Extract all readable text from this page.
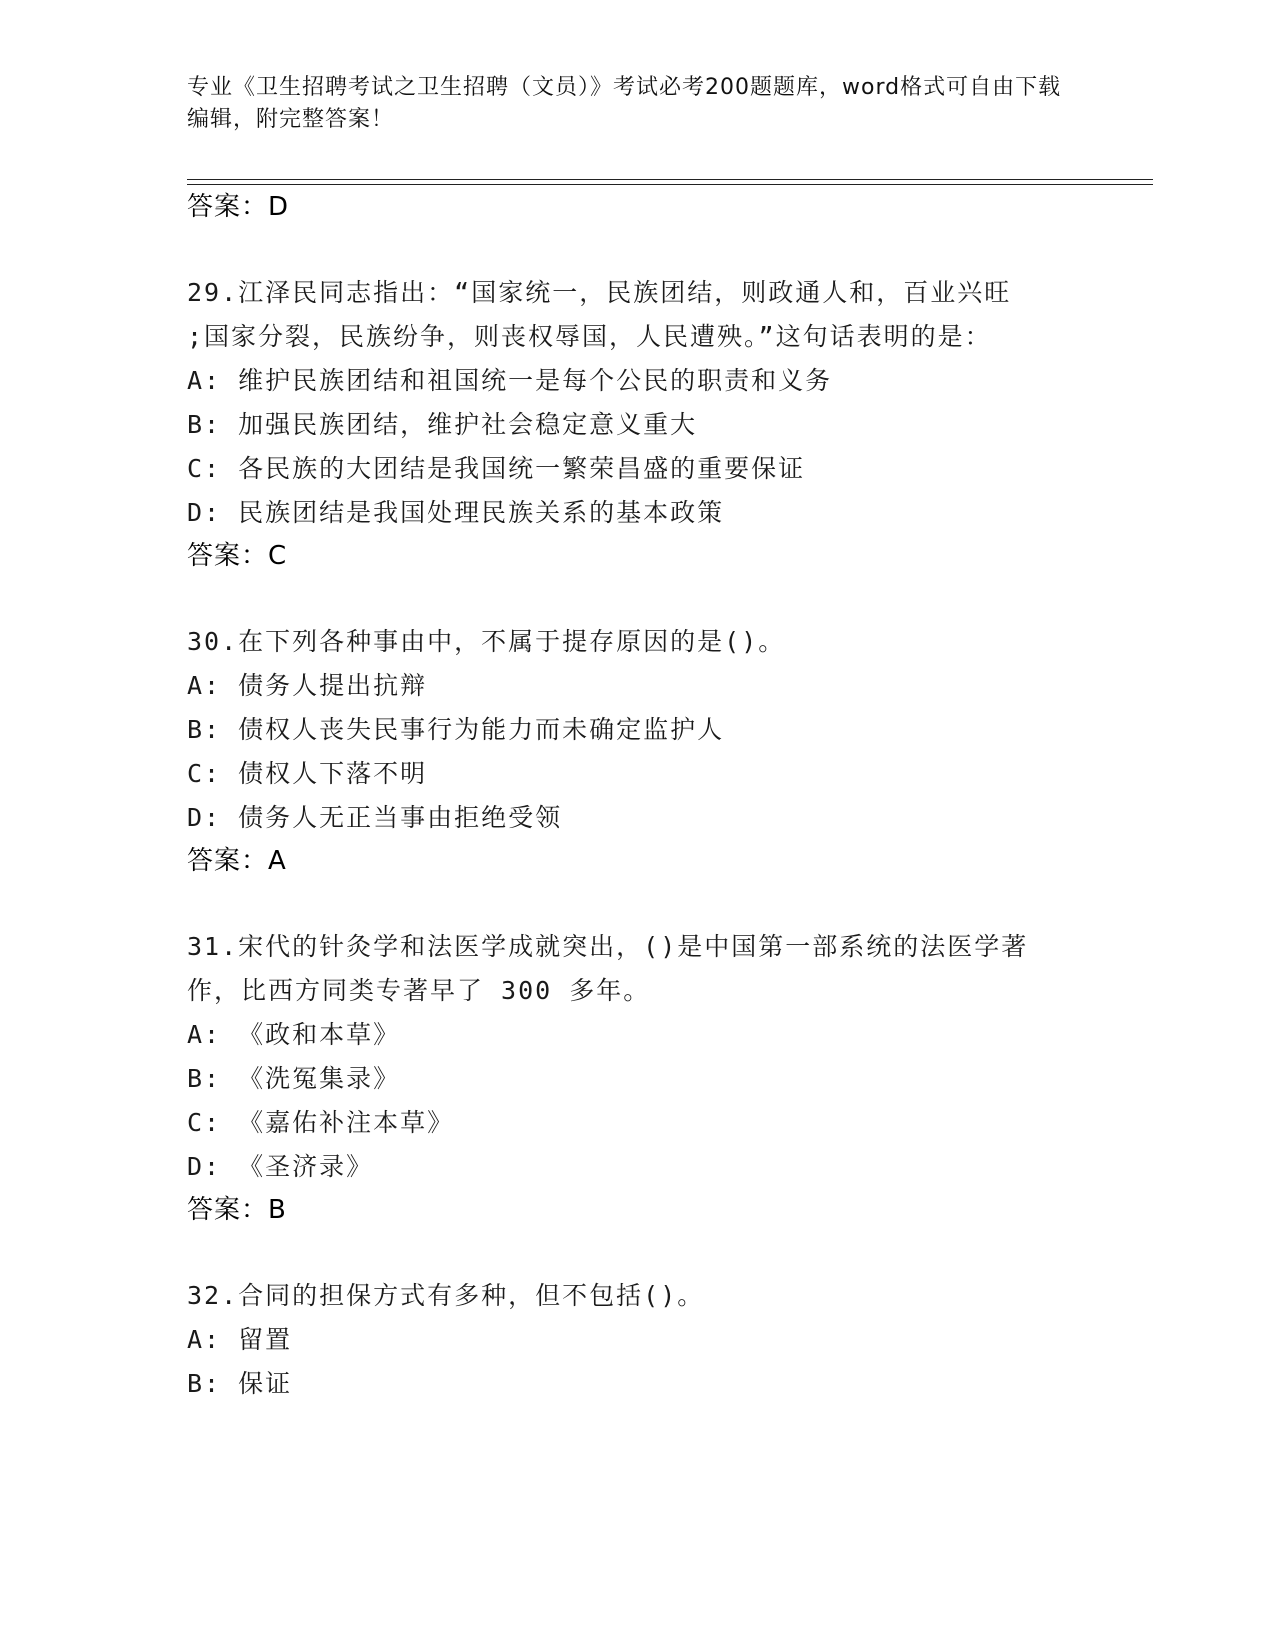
专业《卫生招聘考试之卫生招聘（文员）》考试必考200题题库，word格式可自由下载编辑，附完整答案！
答案：D
29.江泽民同志指出：“国家统一，民族团结，则政通人和，百业兴旺
;国家分裂，民族纷争，则丧权辱国，人民遭殃。”这句话表明的是：
A: 维护民族团结和祖国统一是每个公民的职责和义务
B: 加强民族团结，维护社会稳定意义重大
C: 各民族的大团结是我国统一繁荣昌盛的重要保证
D: 民族团结是我国处理民族关系的基本政策
答案：C
30.在下列各种事由中，不属于提存原因的是()。
A: 债务人提出抗辩
B: 债权人丧失民事行为能力而未确定监护人
C: 债权人下落不明
D: 债务人无正当事由拒绝受领
答案：A
31.宋代的针灸学和法医学成就突出，()是中国第一部系统的法医学著
作，比西方同类专著早了 300 多年。
A: 《政和本草》
B: 《洗冤集录》
C: 《嘉佑补注本草》
D: 《圣济录》
答案：B
32.合同的担保方式有多种，但不包括()。
A: 留置
B: 保证
